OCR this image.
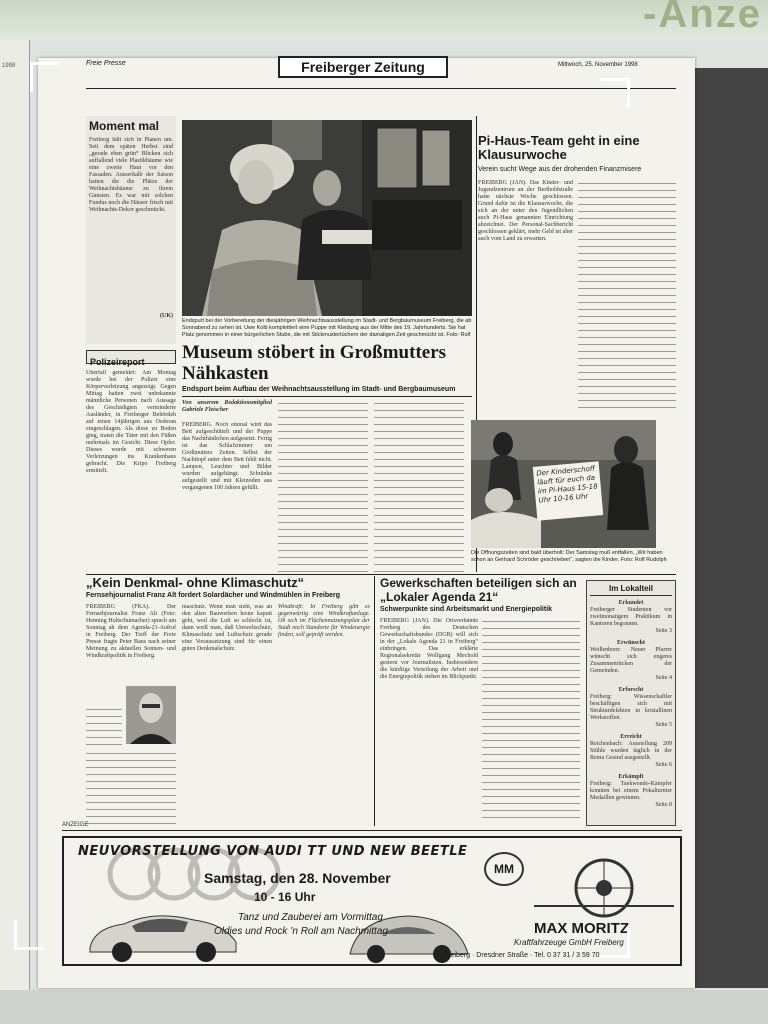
-Anze
1998	Freie Presse	Freiberger Zeitung	Mittwoch, 25. November 1998
Moment mal
Freiberg hält sich in Planen um. Seit dem späten Herbst sind „gerade eben grün“ Blicken sich auffallend viele Plastikbäume wie eine zweite Haut vor den Fassaden. Ausserhalb der Saison hatten die die Plätze der Weihnachtsbäume zu ihrem Gunsten. Es war mit solchen Fundus noch die Häuser frisch mit Weihnachts-Dekor geschmückt.
(UK)
Polizeireport
Überfall gemeldet: Am Montag wurde bei der Polizei eine Körperverletzung angezeigt. Gegen Mittag hatten zwei unbekannte männliche Personen nach Aussage des Geschädigten verminderte Ausländer, in Freiberger Behördeh auf einen 14jährigen aus Oederan eingeschlagen. Als diese zu Boden ging, traten die Täter mit den Füßen mehrmals im Gesicht. Diese Opfer. Dieses wurde mit schweren Verletzungen ins Krankenhaus gebracht. Die Kripo Freiberg ermittelt.
Endspurt bei der Vorbereitung der diesjährigen Weihnachtsausstellung im Stadt- und Bergbaumuseum Freiberg, die ab Sonnabend zu sehen ist. Uwe Kolb komplettiert eine Puppe mit Kleidung aus der Mitte des 19. Jahrhunderts. Sie hat Platz genommen in einer bürgerlichen Stube, die mit Stickmustertüchern der damaligen Zeit geschmückt ist. Foto: Rolf
Museum stöbert in Großmutters Nähkasten
Endspurt beim Aufbau der Weihnachtsausstellung im Stadt- und Bergbaumuseum
Von unserem Redaktionsmitglied Gabriele Fleischer
FREIBERG. Noch einmal wird das Bett aufgeschüttelt und der Puppe das Nachthäubchen aufgesetzt. Fertig ist das Schlafzimmer um Großmutters Zeiten. Selbst der Nachttopf unter dem Bett fehlt nicht. Lampen, Leuchter und Bilder wurden aufgehängt. Schränke aufgestellt und mit Kleinoden aus vergangenen 100 Jahren gefüllt.
Pi-Haus-Team geht in eine Klausurwoche
Verein sucht Wege aus der drohenden Finanzmisere
FREIBERG (JAN). Das Kinder- und Jugendzentrum an der Bertholdstraße hatte nächste Woche geschlossen. Grund dafür ist die Klausurwoche, die sich an der unter den Jugendlichen auch Pi-Haus genannten Einrichtung abzeichnet. Der Personal-Sachbericht geschlossen geklärt, mehr Geld ist aber auch vom Land zu erwarten.
Der Kinderschoff läuft für euch da im Pi-Haus 15-18 Uhr 10-16 Uhr
Die Öffnungszeiten sind bald überholt: Der Samstag muß entfallen. „Wir haben schon an Gerhard Schröder geschrieben“, sagten die Kinder. Foto: Rolf Rudolph
„Kein Denkmal- ohne Klimaschutz“
Fernsehjournalist Franz Alt fordert Solardächer und Windmühlen in Freiberg
FREIBERG (FKA). Der Fernsehjournalist Franz Alt (Foto: Henning Holtschumacher) sprach am Sonntag ab dem Agenda-21-Aufruf in Freiberg. Der Treff der Freie Presse fragte Peter Baus nach seiner Meinung zu aktuellen Sonnen- und Windkraftpolitik in Freiberg.
maschutz. Wenn man sieht, was an den alten Bauwerken heute kaputt geht, weil die Luft so schlecht ist, dann weiß man, daß Umweltschutz, Klimaschutz und Luftschutz gerade eine Voraussetzung sind für einen guten Denkmalschutz.
Windkraft: In Freiberg gibt es gegenwärtig eine Windkraftanlage. Ob sich im Flächennutzungsplan der Stadt noch Standorte für Windenergie finden, soll geprüft werden.
Gewerkschaften beteiligen sich an „Lokaler Agenda 21“
Schwerpunkte sind Arbeitsmarkt und Energiepolitik
FREIBERG (JAN). Die Ortsverbände Freiberg des Deutschen Gewerkschaftsbundes (DGB) will sich in der „Lokale Agenda 21 in Freiberg“ einbringen. Das erklärte Regionalsekretär Wolfgang Mechold gestern vor Journalisten. Insbesondere die künftige Verteilung der Arbeit und die Energiepolitik stehen im Blickpunkt.
Im Lokalteil
Erkundet
Freiberger Studenten vor zweimonatigem Praktikum in Kantoren begonnen.
Seite 3
Erwünscht
Weißenborn: Neuer Pfarrer wünscht sich engeres Zusammenrücken der Gemeinden.
Seite 4
Erforscht
Freiberg: Wissenschaftler beschäftigen sich mit Strukturdefekten in kristallinen Werkstoffen.
Seite 5
Erreicht
Reichenbach: Ausstellung 209 Stühle wurden täglich in der Remu Gesind ausgestellt.
Seite 6
Erkämpft
Freiberg: Taekwondo-Kämpfer konnten bei einem Pokalturnier Medaillen gewinnen.
Seite 8
ANZEIGE
NEUVORSTELLUNG VON AUDI TT UND NEW BEETLE
Samstag, den 28. November
10 - 16 Uhr
Tanz und Zauberei am Vormittag
Oldies und Rock ’n Roll am Nachmittag
MM
MAX MORITZ
Kraftfahrzeuge GmbH Freiberg
Freiberg · Dresdner Straße · Tel. 0 37 31 / 3 59 70
